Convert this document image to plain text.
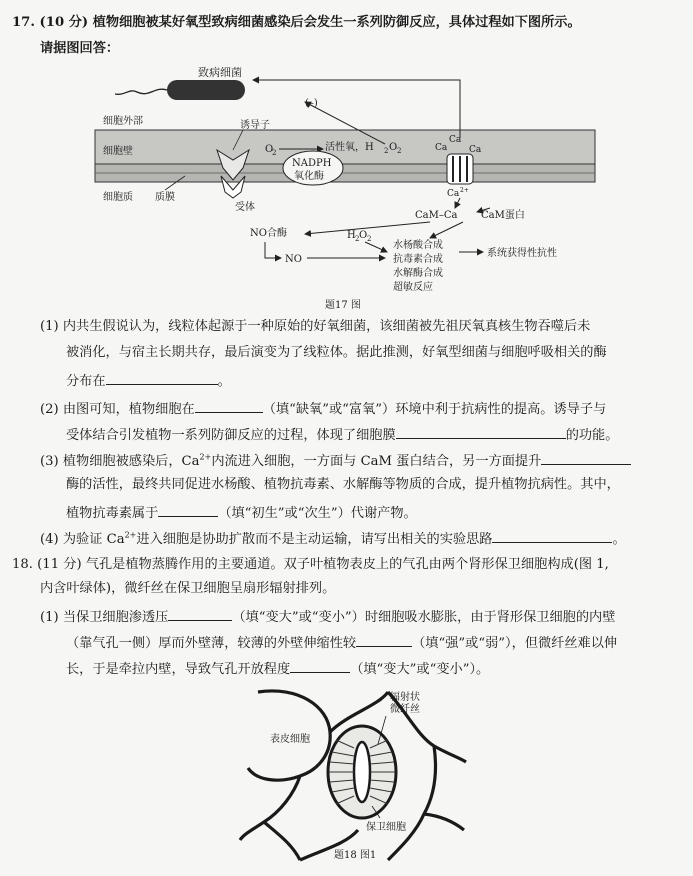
17. (10 分) 植物细胞被某好氧型致病细菌感染后会发生一系列防御反应，具体过程如下图所示。
请据图回答：
致病细菌
细胞外部
细胞壁
细胞质 质膜
诱导子
受体
O
2	活性氧，H 2 O 2
NADPH
氧化酶
Ca
Ca
Ca
Ca 2+
(–)
CaM–Ca CaM蛋白
NO合酶	H 2 O 2
NO
水杨酸合成
抗毒素合成
水解酶合成
超敏反应
系统获得性抗性
题17 图
(1) 内共生假说认为，线粒体起源于一种原始的好氧细菌，该细菌被先祖厌氧真核生物吞噬后未
被消化，与宿主长期共存，最后演变为了线粒体。据此推测，好氧型细菌与细胞呼吸相关的酶
分布在	。
(2) 由图可知，植物细胞在	（填“缺氧”或“富氧”）环境中利于抗病性的提高。诱导子与
受体结合引发植物一系列防御反应的过程，体现了细胞膜	的功能。
(3) 植物细胞被感染后，$Ca^{2+}$内流进入细胞，一方面与 CaM 蛋白结合，另一方面提升
酶的活性，最终共同促进水杨酸、植物抗毒素、水解酶等物质的合成，提升植物抗病性。其中，
植物抗毒素属于	（填“初生”或“次生”）代谢产物。
(4) 为验证 $Ca^{2+}$进入细胞是协助扩散而不是主动运输，请写出相关的实验思路	。
18. (11 分) 气孔是植物蒸腾作用的主要通道。双子叶植物表皮上的气孔由两个肾形保卫细胞构成(图 1,
内含叶绿体)，微纤丝在保卫细胞呈扇形辐射排列。
(1) 当保卫细胞渗透压	（填“变大”或“变小”）时细胞吸水膨胀，由于肾形保卫细胞的内壁
（靠气孔一侧）厚而外壁薄，较薄的外壁伸缩性较	（填“强”或“弱”），但微纤丝难以伸
长，于是牵拉内壁，导致气孔开放程度	（填“变大”或“变小”）。
表皮细胞
辐射状
微纤丝
保卫细胞
题18 图1
